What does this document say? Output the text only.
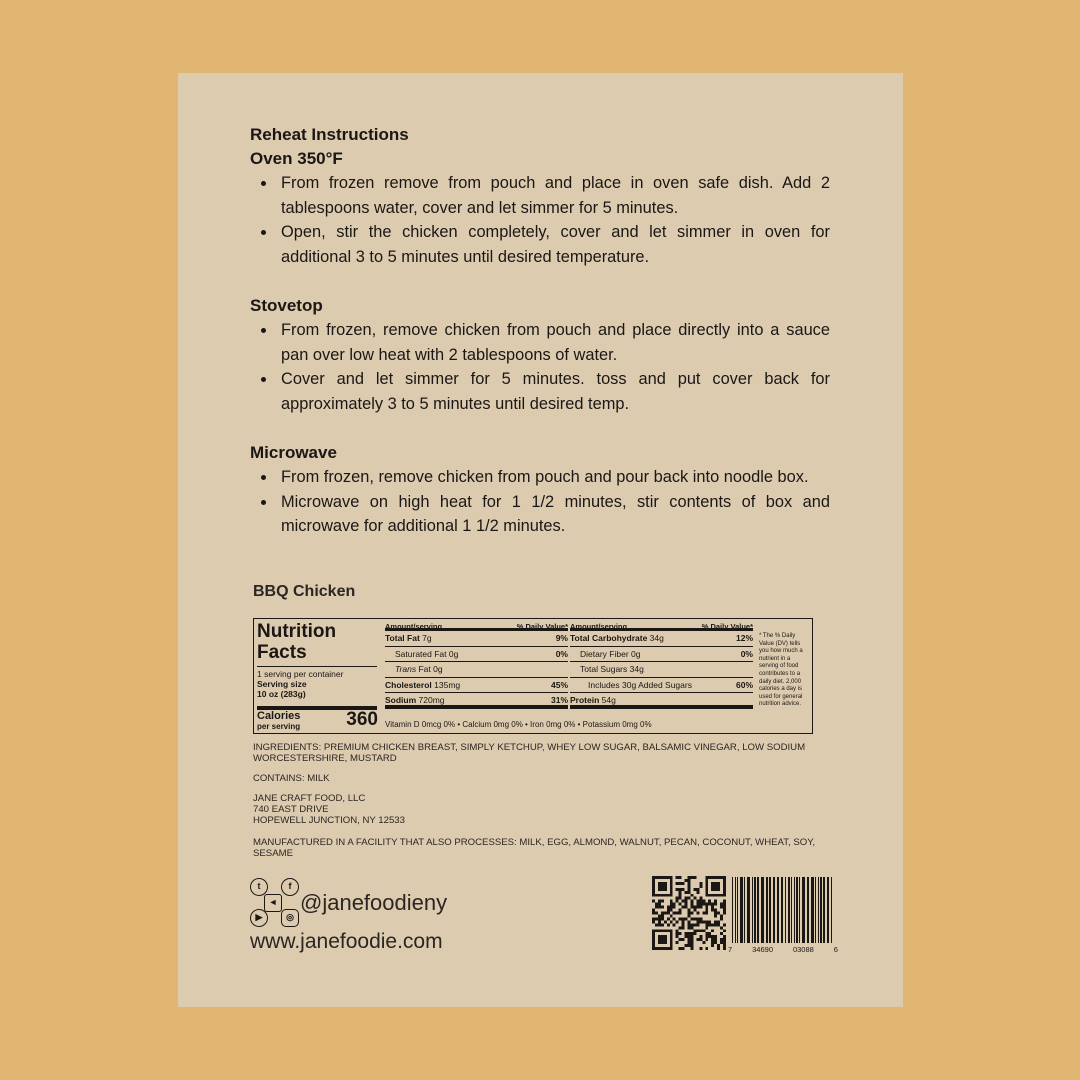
Reheat Instructions
Oven 350°F
From frozen remove from pouch and place in oven safe dish. Add 2 tablespoons water, cover and let simmer for 5 minutes.
Open, stir the chicken completely, cover and let simmer in oven for additional 3 to 5 minutes until desired temperature.
Stovetop
From frozen, remove chicken from pouch and place directly into a sauce pan over low heat with 2 tablespoons of water.
Cover and let simmer for 5 minutes. toss and put cover back for approximately 3 to 5 minutes until desired temp.
Microwave
From frozen, remove chicken from pouch and pour back into noodle box.
Microwave on high heat for 1 1/2 minutes, stir contents of box and microwave for additional 1 1/2 minutes.
BBQ Chicken
Nutrition
Facts
1 serving per container
Serving size
10 oz (283g)
Calories
per serving 360
Amount/serving	% Daily Value*
Total Fat 7g	9%
Saturated Fat 0g	0%
Trans Fat 0g
Cholesterol 135mg	45%
Sodium 720mg	31%
Amount/serving	% Daily Value*
Total Carbohydrate 34g	12%
Dietary Fiber 0g	0%
Total Sugars 34g
Includes 30g Added Sugars	60%
Protein 54g
Vitamin D 0mcg 0% • Calcium 0mg 0% • Iron 0mg 0% • Potassium 0mg 0%
* The % Daily Value (DV) tells you how much a nutrient in a serving of food contributes to a daily diet. 2,000 calories a day is used for general nutrition advice.
INGREDIENTS: PREMIUM CHICKEN BREAST, SIMPLY KETCHUP, WHEY LOW SUGAR, BALSAMIC VINEGAR, LOW SODIUM WORCESTERSHIRE, MUSTARD
CONTAINS: MILK
JANE CRAFT FOOD, LLC
740 EAST DRIVE
HOPEWELL JUNCTION, NY 12533
MANUFACTURED IN A FACILITY THAT ALSO PROCESSES: MILK, EGG, ALMOND, WALNUT, PECAN, COCONUT, WHEAT, SOY, SESAME
t	f
◄
▶	◎
@janefoodieny
www.janefoodie.com	7	34690	03088	6
